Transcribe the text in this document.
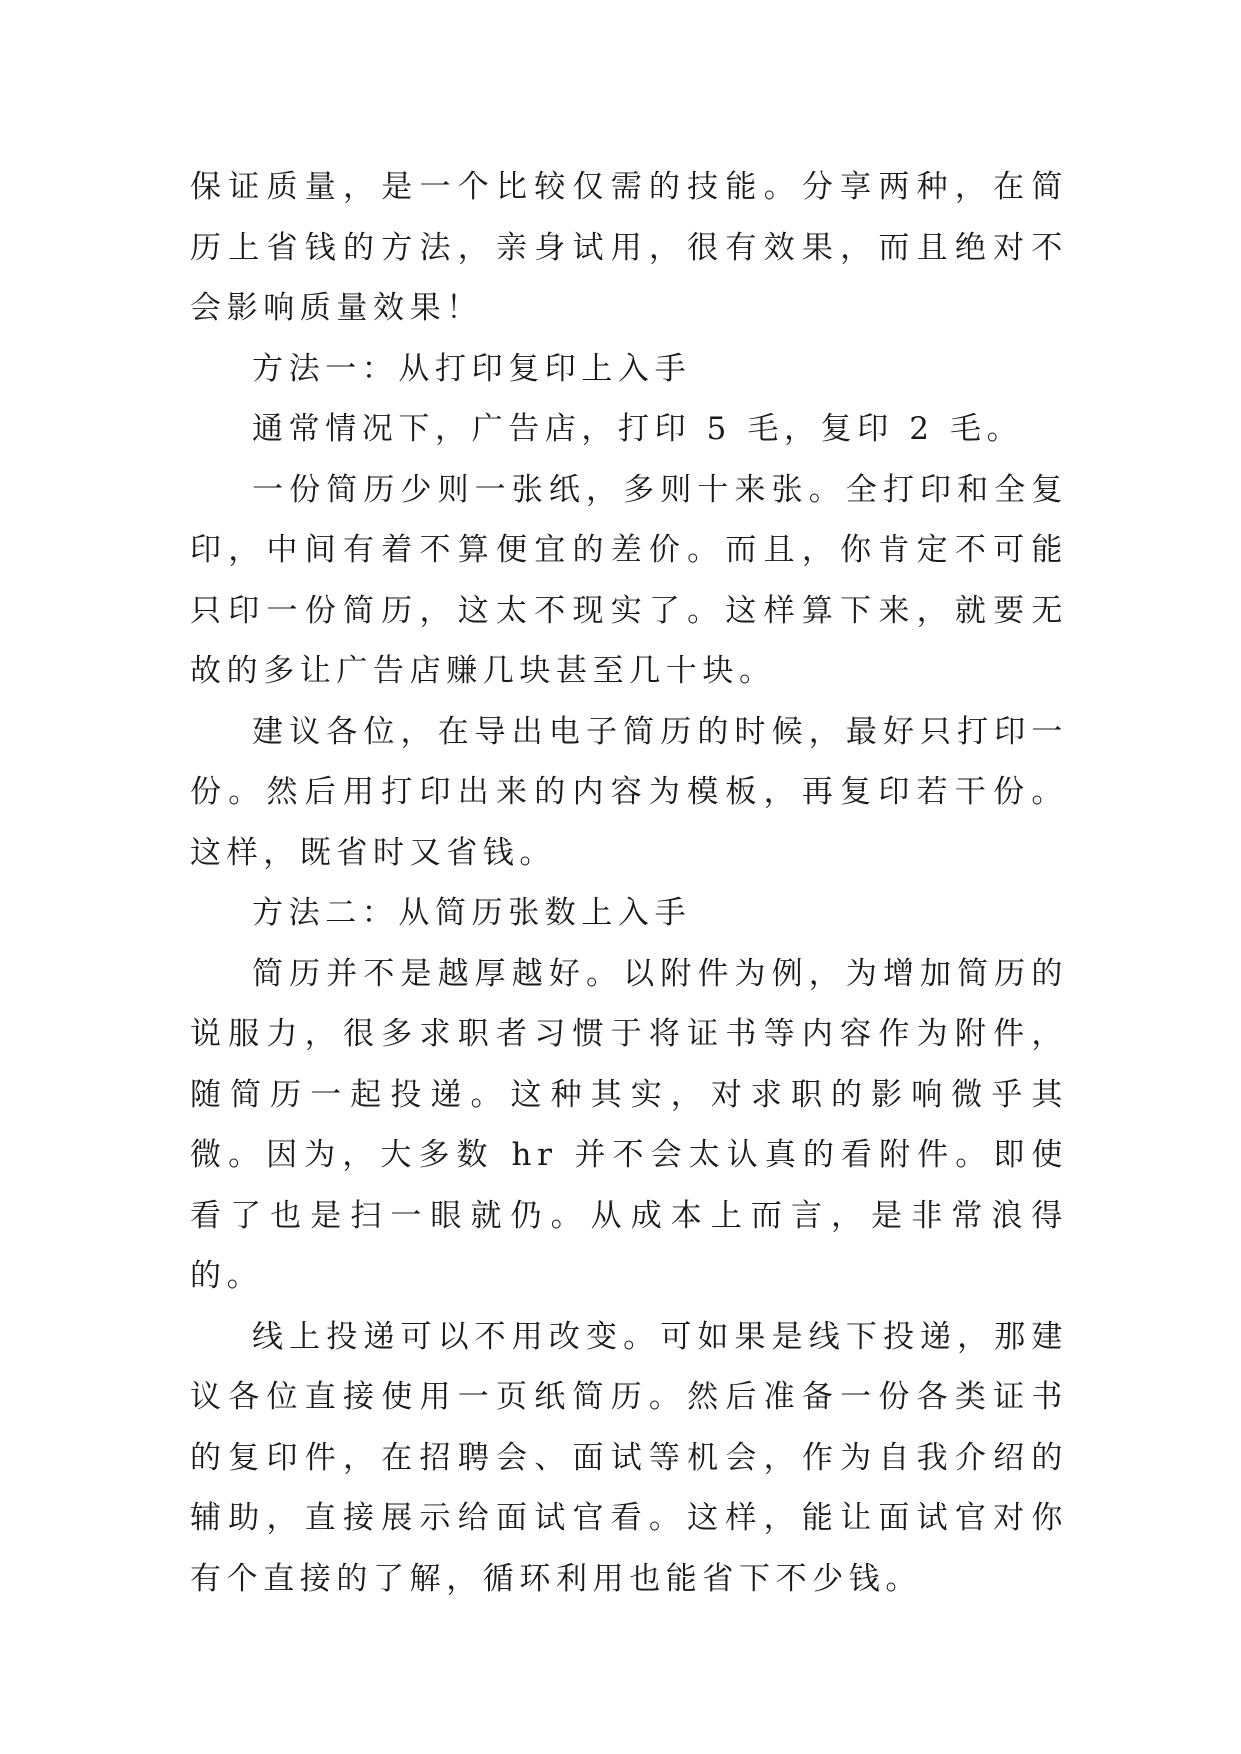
保证质量，是一个比较仅需的技能。分享两种，在简历上省钱的方法，亲身试用，很有效果，而且绝对不会影响质量效果！

方法一：从打印复印上入手

通常情况下，广告店，打印 5 毛，复印 2 毛。

一份简历少则一张纸，多则十来张。全打印和全复印，中间有着不算便宜的差价。而且，你肯定不可能只印一份简历，这太不现实了。这样算下来，就要无故的多让广告店赚几块甚至几十块。

建议各位，在导出电子简历的时候，最好只打印一份。然后用打印出来的内容为模板，再复印若干份。这样，既省时又省钱。

方法二：从简历张数上入手

简历并不是越厚越好。以附件为例，为增加简历的说服力，很多求职者习惯于将证书等内容作为附件，随简历一起投递。这种其实，对求职的影响微乎其微。因为，大多数 hr 并不会太认真的看附件。即使看了也是扫一眼就仍。从成本上而言，是非常浪得的。

线上投递可以不用改变。可如果是线下投递，那建议各位直接使用一页纸简历。然后准备一份各类证书的复印件，在招聘会、面试等机会，作为自我介绍的辅助，直接展示给面试官看。这样，能让面试官对你有个直接的了解，循环利用也能省下不少钱。
